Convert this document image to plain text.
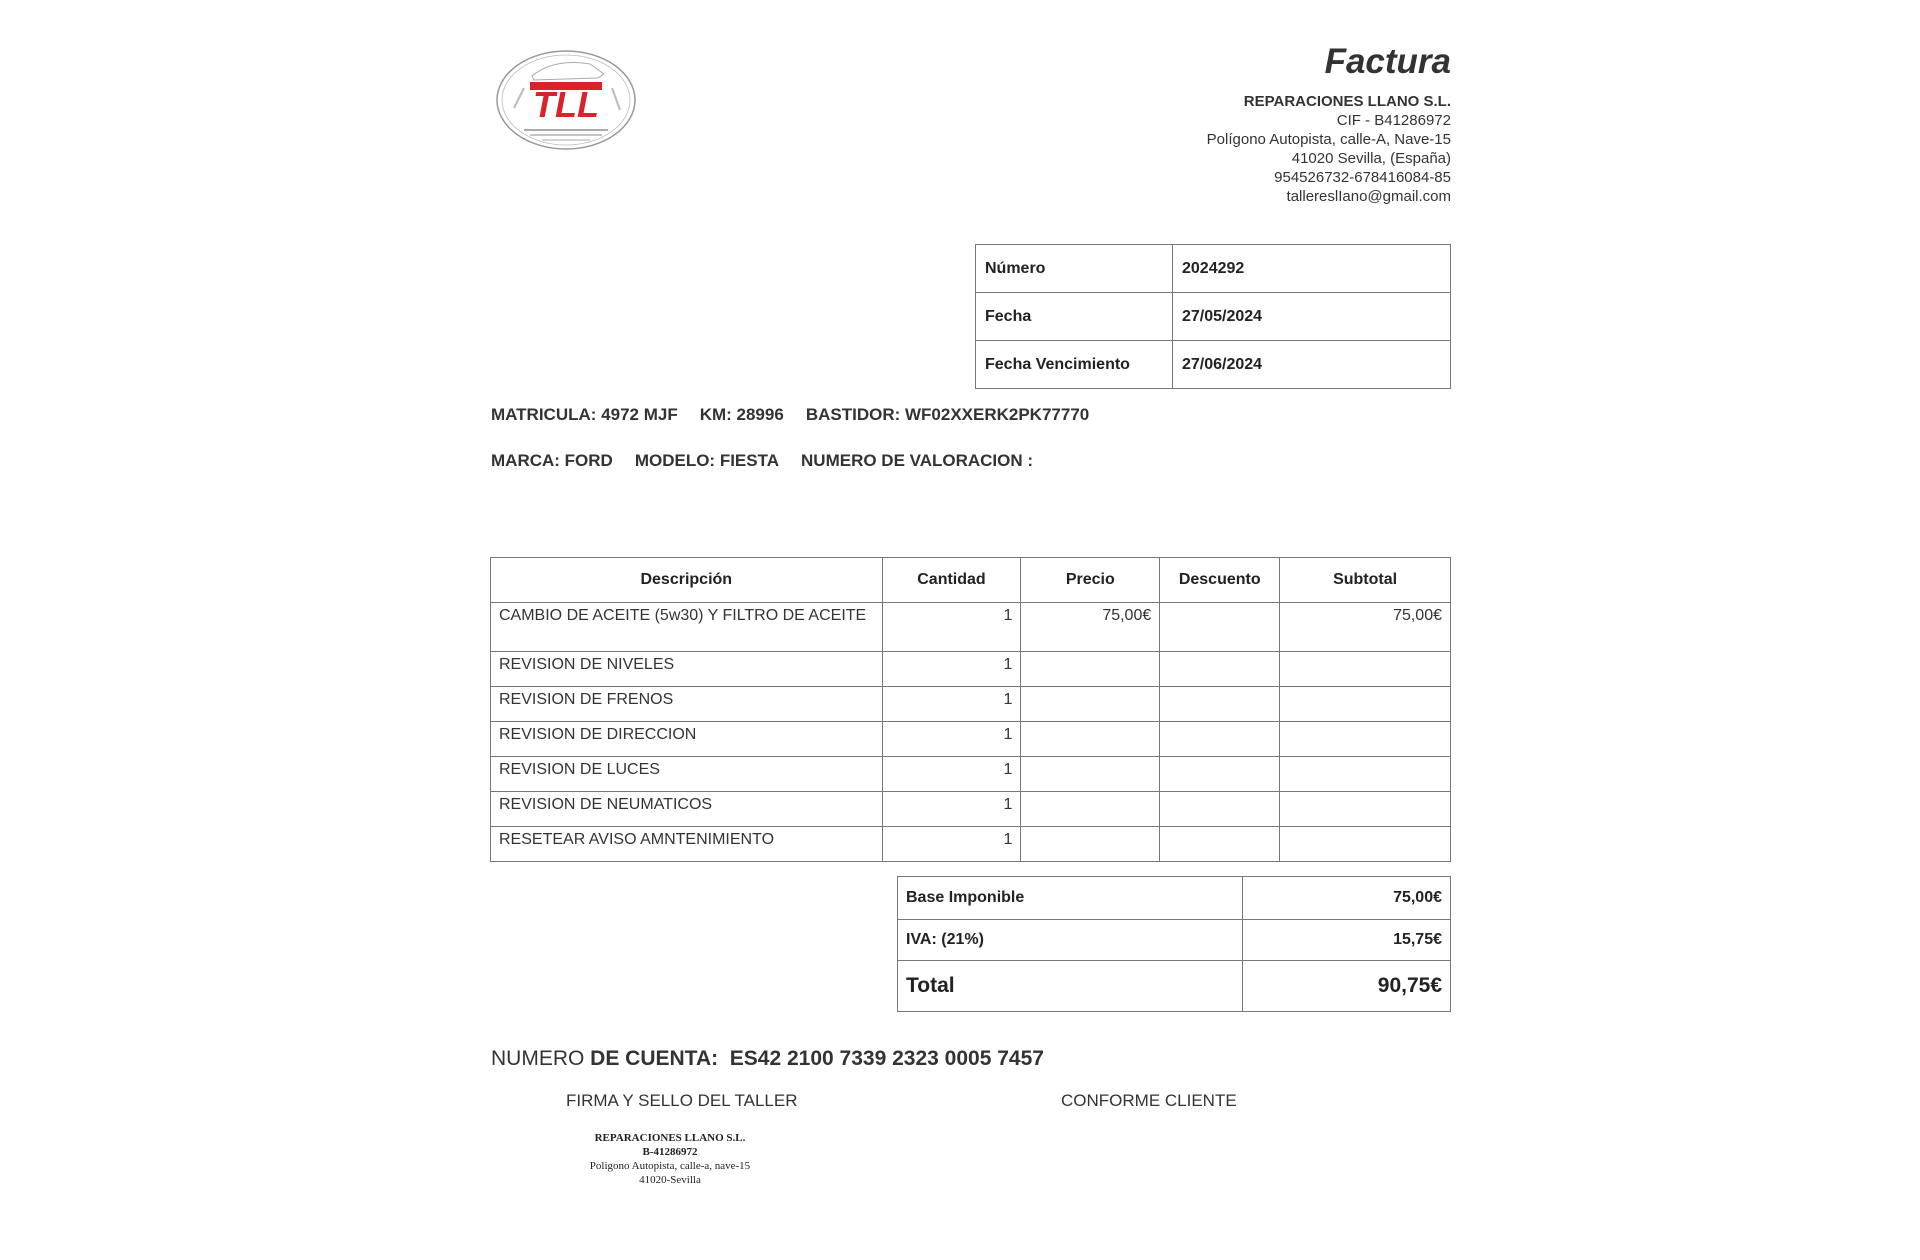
TLL
Factura
REPARACIONES LLANO S.L.
CIF - B41286972
Polígono Autopista, calle-A, Nave-15
41020 Sevilla, (España)
954526732-678416084-85
tallereslIano@gmail.com
Número	2024292
Fecha	27/05/2024
Fecha Vencimiento	27/06/2024
MATRICULA: 4972 MJF KM: 28996 BASTIDOR: WF02XXERK2PK77770
MARCA: FORD MODELO: FIESTA NUMERO DE VALORACION :
Descripción	Cantidad	Precio	Descuento	Subtotal
CAMBIO DE ACEITE (5w30) Y FILTRO DE ACEITE	1	75,00€		75,00€
REVISION DE NIVELES	1			
REVISION DE FRENOS	1			
REVISION DE DIRECCION	1			
REVISION DE LUCES	1			
REVISION DE NEUMATICOS	1			
RESETEAR AVISO AMNTENIMIENTO	1			
Base Imponible	75,00€
IVA: (21%)	15,75€
Total	90,75€
NUMERO DE CUENTA: ES42 2100 7339 2323 0005 7457
FIRMA Y SELLO DEL TALLER	CONFORME CLIENTE
REPARACIONES LLANO S.L.
B-41286972
Poligono Autopista, calle-a, nave-15
41020-Sevilla
